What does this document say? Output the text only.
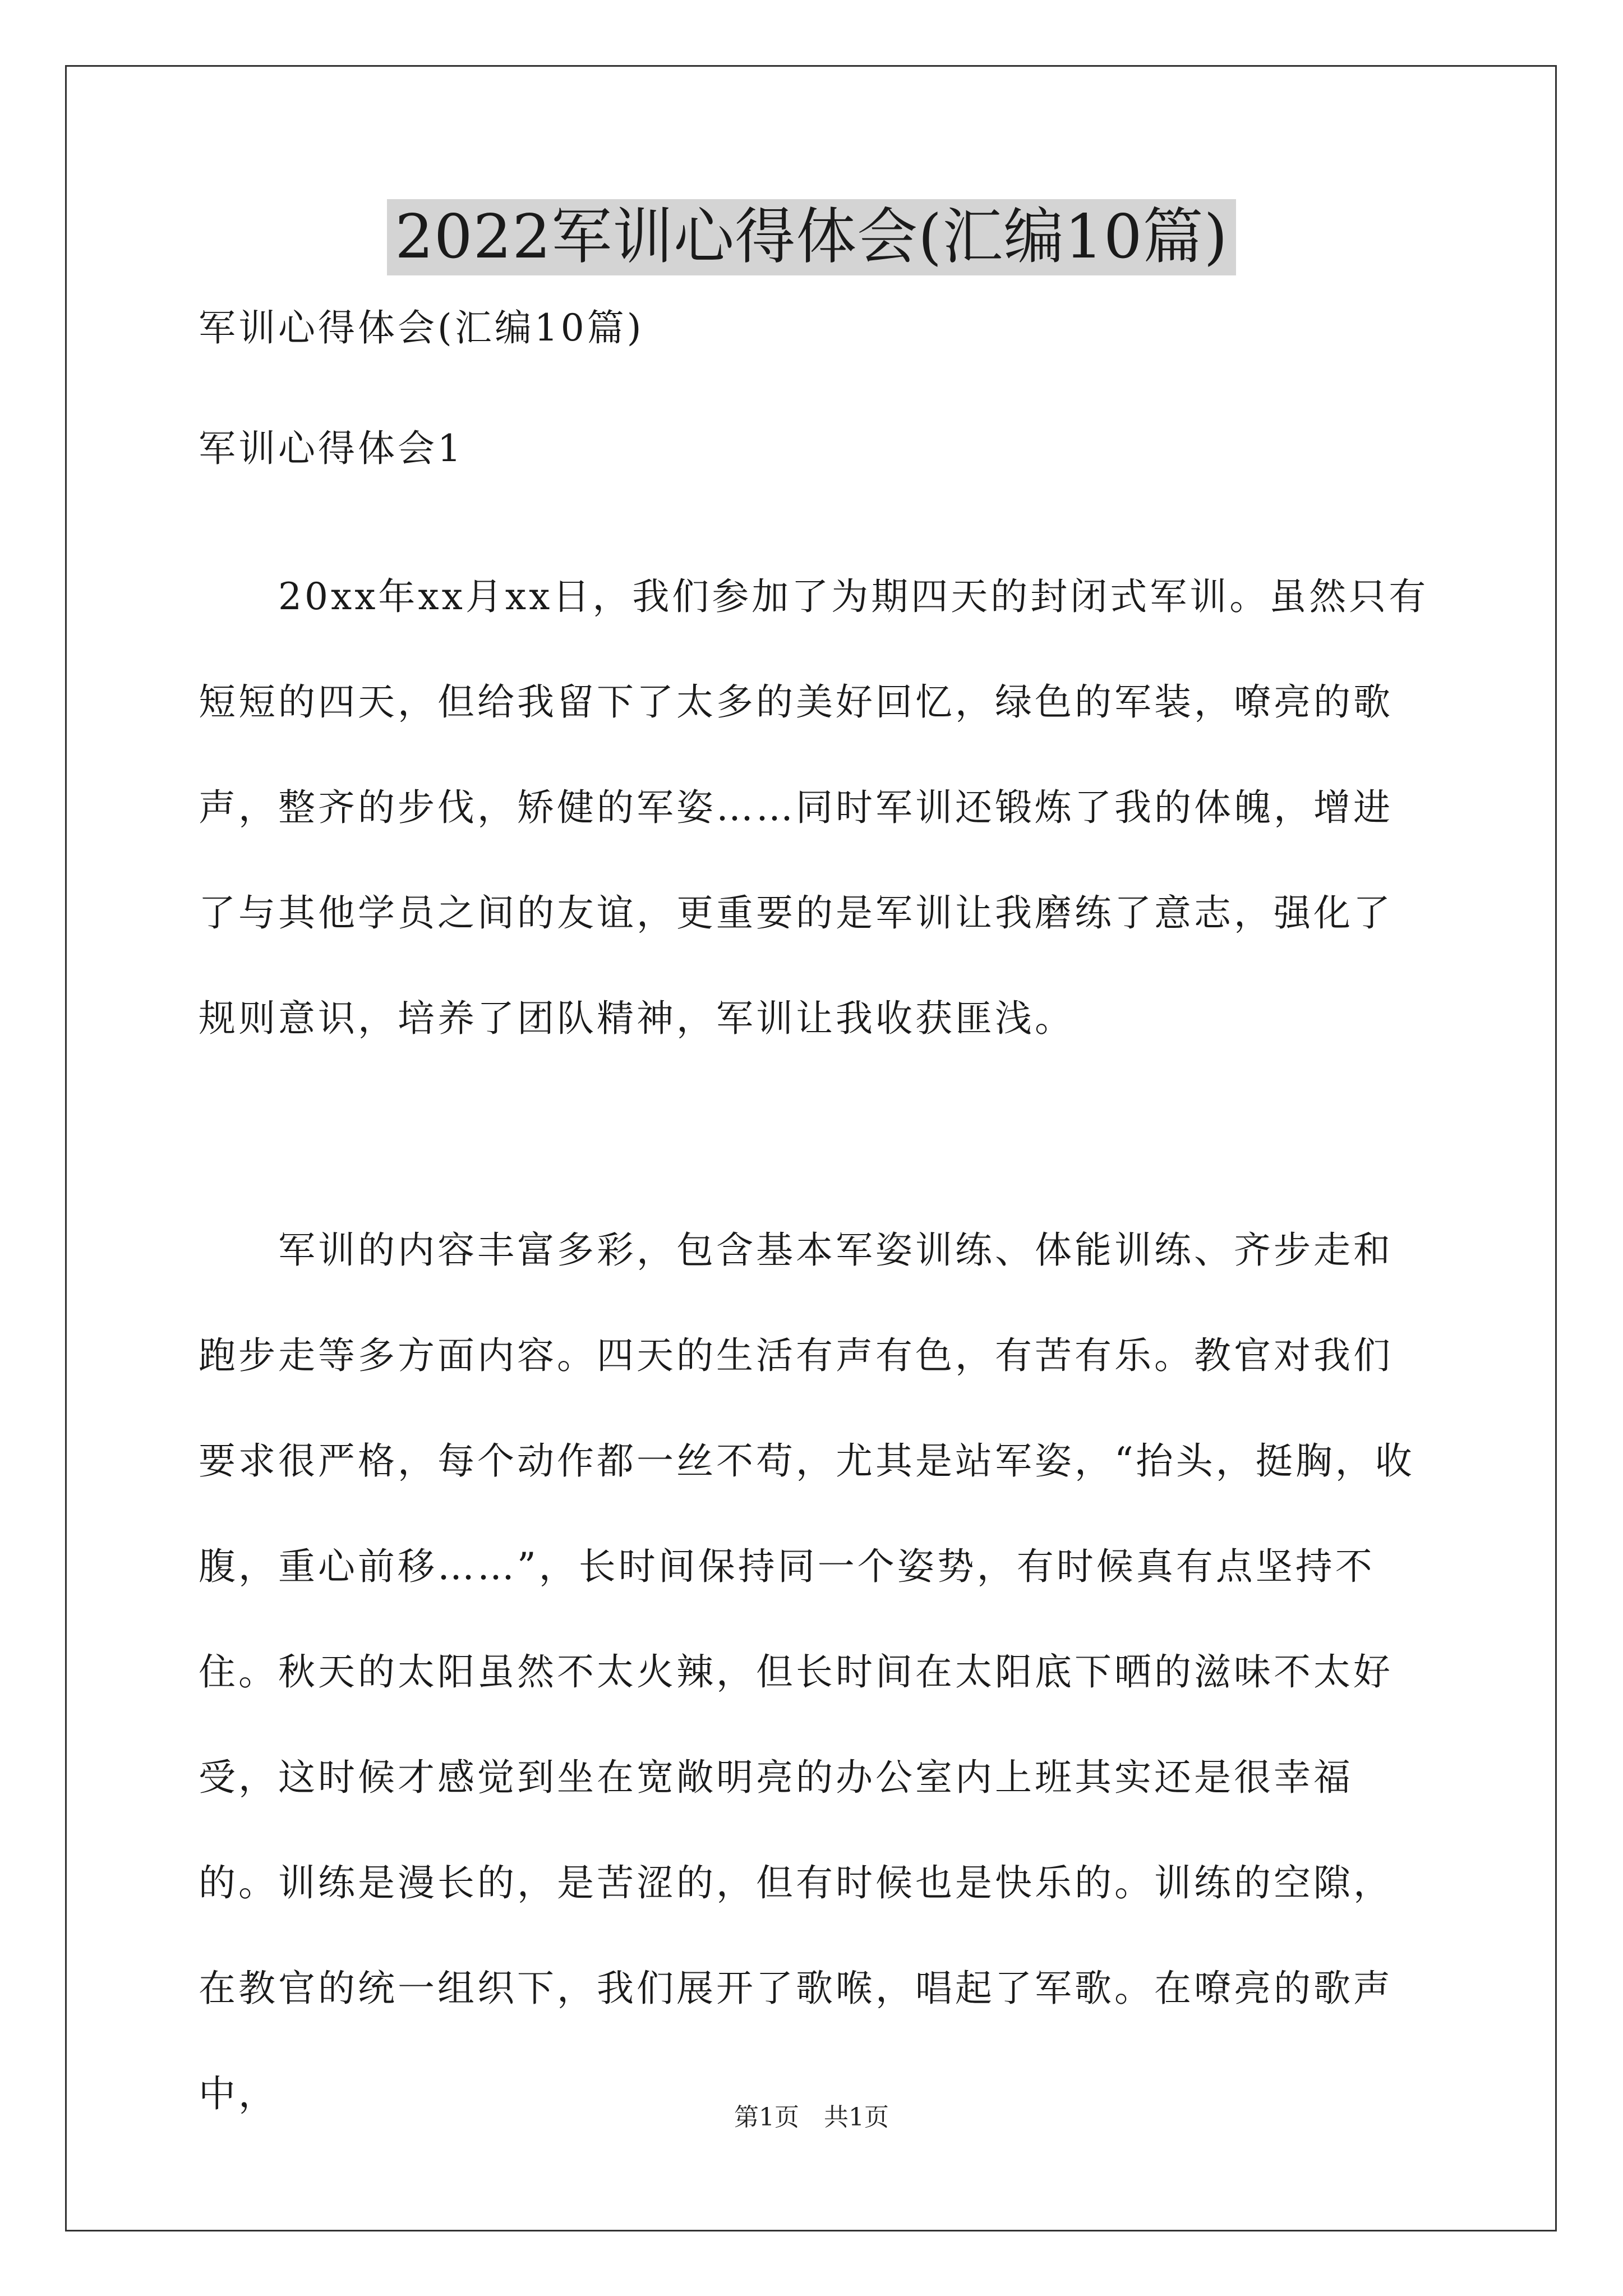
2022军训心得体会(汇编10篇)

军训心得体会(汇编10篇)

军训心得体会1

20xx年xx月xx日，我们参加了为期四天的封闭式军训。虽然只有短短的四天，但给我留下了太多的美好回忆，绿色的军装，嘹亮的歌声，整齐的步伐，矫健的军姿……同时军训还锻炼了我的体魄，增进了与其他学员之间的友谊，更重要的是军训让我磨练了意志，强化了规则意识，培养了团队精神，军训让我收获匪浅。

军训的内容丰富多彩，包含基本军姿训练、体能训练、齐步走和跑步走等多方面内容。四天的生活有声有色，有苦有乐。教官对我们要求很严格，每个动作都一丝不苟，尤其是站军姿，“抬头，挺胸，收腹，重心前移……”，长时间保持同一个姿势，有时候真有点坚持不住。秋天的太阳虽然不太火辣，但长时间在太阳底下晒的滋味不太好受，这时候才感觉到坐在宽敞明亮的办公室内上班其实还是很幸福的。训练是漫长的，是苦涩的，但有时候也是快乐的。训练的空隙，在教官的统一组织下，我们展开了歌喉，唱起了军歌。在嘹亮的歌声中，

第1页 共1页
